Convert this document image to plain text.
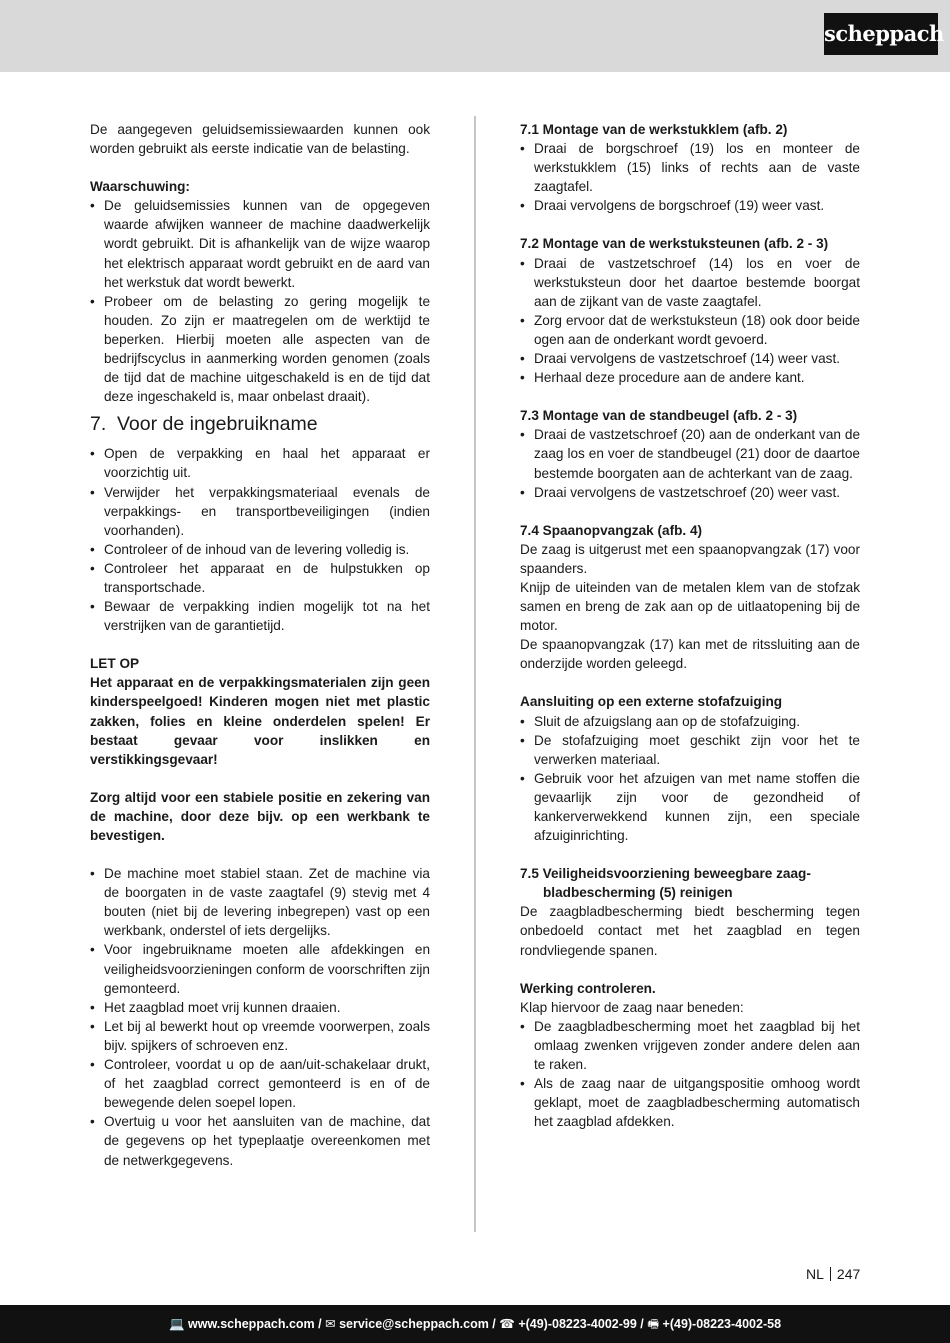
scheppach

De aangegeven geluidsemissiewaarden kunnen ook worden gebruikt als eerste indicatie van de belasting.

Waarschuwing:

• De geluidsemissies kunnen van de opgegeven waarde afwijken wanneer de machine daadwerkelijk wordt gebruikt. Dit is afhankelijk van de wijze waarop het elektrisch apparaat wordt gebruikt en de aard van het werkstuk dat wordt bewerkt.
• Probeer om de belasting zo gering mogelijk te houden. Zo zijn er maatregelen om de werktijd te beperken. Hierbij moeten alle aspecten van de bedrijfscyclus in aanmerking worden genomen (zoals de tijd dat de machine uitgeschakeld is en de tijd dat deze ingeschakeld is, maar onbelast draait).
7. Voor de ingebruikname
• Open de verpakking en haal het apparaat er voorzichtig uit.
• Verwijder het verpakkingsmateriaal evenals de verpakkings- en transportbeveiligingen (indien voorhanden).
• Controleer of de inhoud van de levering volledig is.
• Controleer het apparaat en de hulpstukken op transportschade.
• Bewaar de verpakking indien mogelijk tot na het verstrijken van de garantietijd.

LET OP

Het apparaat en de verpakkingsmaterialen zijn geen kinderspeelgoed! Kinderen mogen niet met plastic zakken, folies en kleine onderdelen spelen! Er bestaat gevaar voor inslikken en verstikkingsgevaar!

Zorg altijd voor een stabiele positie en zekering van de machine, door deze bijv. op een werkbank te bevestigen.

• De machine moet stabiel staan. Zet de machine via de boorgaten in de vaste zaagtafel (9) stevig met 4 bouten (niet bij de levering inbegrepen) vast op een werkbank, onderstel of iets dergelijks.
• Voor ingebruikname moeten alle afdekkingen en veiligheidsvoorzieningen conform de voorschriften zijn gemonteerd.
• Het zaagblad moet vrij kunnen draaien.
• Let bij al bewerkt hout op vreemde voorwerpen, zoals bijv. spijkers of schroeven enz.
• Controleer, voordat u op de aan/uit-schakelaar drukt, of het zaagblad correct gemonteerd is en of de bewegende delen soepel lopen.
• Overtuig u voor het aansluiten van de machine, dat de gegevens op het typeplaatje overeenkomen met de netwerkgegevens.

7.1 Montage van de werkstukklem (afb. 2)

• Draai de borgschroef (19) los en monteer de werkstukklem (15) links of rechts aan de vaste zaagtafel.
• Draai vervolgens de borgschroef (19) weer vast.

7.2 Montage van de werkstuksteunen (afb. 2 - 3)

• Draai de vastzetschroef (14) los en voer de werkstuksteun door het daartoe bestemde boorgat aan de zijkant van de vaste zaagtafel.
• Zorg ervoor dat de werkstuksteun (18) ook door beide ogen aan de onderkant wordt gevoerd.
• Draai vervolgens de vastzetschroef (14) weer vast.
• Herhaal deze procedure aan de andere kant.

7.3 Montage van de standbeugel (afb. 2 - 3)

• Draai de vastzetschroef (20) aan de onderkant van de zaag los en voer de standbeugel (21) door de daartoe bestemde boorgaten aan de achterkant van de zaag.
• Draai vervolgens de vastzetschroef (20) weer vast.

7.4 Spaanopvangzak (afb. 4)

De zaag is uitgerust met een spaanopvangzak (17) voor spaanders.

Knijp de uiteinden van de metalen klem van de stofzak samen en breng de zak aan op de uitlaatopening bij de motor.

De spaanopvangzak (17) kan met de ritssluiting aan de onderzijde worden geleegd.

Aansluiting op een externe stofafzuiging

• Sluit de afzuigslang aan op de stofafzuiging.
• De stofafzuiging moet geschikt zijn voor het te verwerken materiaal.
• Gebruik voor het afzuigen van met name stoffen die gevaarlijk zijn voor de gezondheid of kankerverwekkend kunnen zijn, een speciale afzuiginrichting.

7.5 Veiligheidsvoorziening beweegbare zaag-

bladbescherming (5) reinigen

De zaagbladbescherming biedt bescherming tegen onbedoeld contact met het zaagblad en tegen rondvliegende spanen.

Werking controleren.

Klap hiervoor de zaag naar beneden:

• De zaagbladbescherming moet het zaagblad bij het omlaag zwenken vrijgeven zonder andere delen aan te raken.
• Als de zaag naar de uitgangspositie omhoog wordt geklapt, moet de zaagbladbescherming automatisch het zaagblad afdekken.
NL 247
💻 www.scheppach.com / ✉ service@scheppach.com / ☎ +(49)-08223-4002-99 / 🖷 +(49)-08223-4002-58
